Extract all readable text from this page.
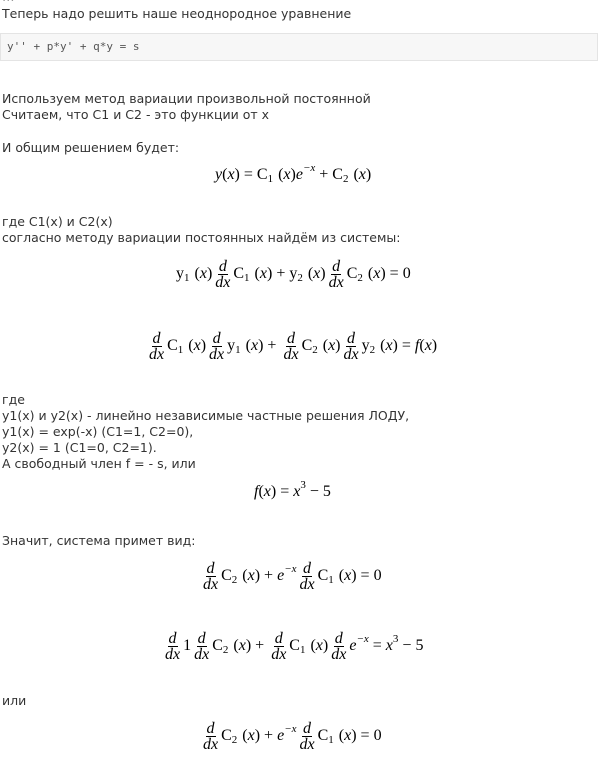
Теперь надо решить наше неоднородное уравнение
y'' + p*y' + q*y = s
Используем метод вариации произвольной постоянной
Считаем, что C1 и C2 - это функции от x
И общим решением будет:
y ( x ) = C 1 ( x ) e −x + C 2 ( x )
где C1(x) и C2(x)
согласно методу вариации постоянных найдём из системы:
y 1 ( x ) $\frac{d}{dx}$ C 1 ( x ) + y 2 ( x ) $\frac{d}{dx}$ C 2 ( x ) = 0
$\frac{d}{dx}$ C 1 ( x ) $\frac{d}{dx}$ y 1 ( x ) + $\frac{d}{dx}$ C 2 ( x ) $\frac{d}{dx}$ y 2 ( x ) = f ( x )
где
y1(x) и y2(x) - линейно независимые частные решения ЛОДУ,
y1(x) = exp(-x) (C1=1, C2=0),
y2(x) = 1 (C1=0, C2=1).
А свободный член f = - s, или
f ( x ) = x 3 − 5
Значит, система примет вид:
$\frac{d}{dx}$ C 2 ( x ) + $e -x \frac{d}{dx}$ C 1 ( x ) = 0
$\frac{d}{dx} 1 \frac{d}{dx}$ C 2 ( x ) + $\frac{d}{dx}$ C 1 ( x ) $\frac{d}{dx}$ e −x = x 3 − 5
или
$\frac{d}{dx}$ C 2 ( x ) + $e -x \frac{d}{dx}$ C 1 ( x ) = 0
